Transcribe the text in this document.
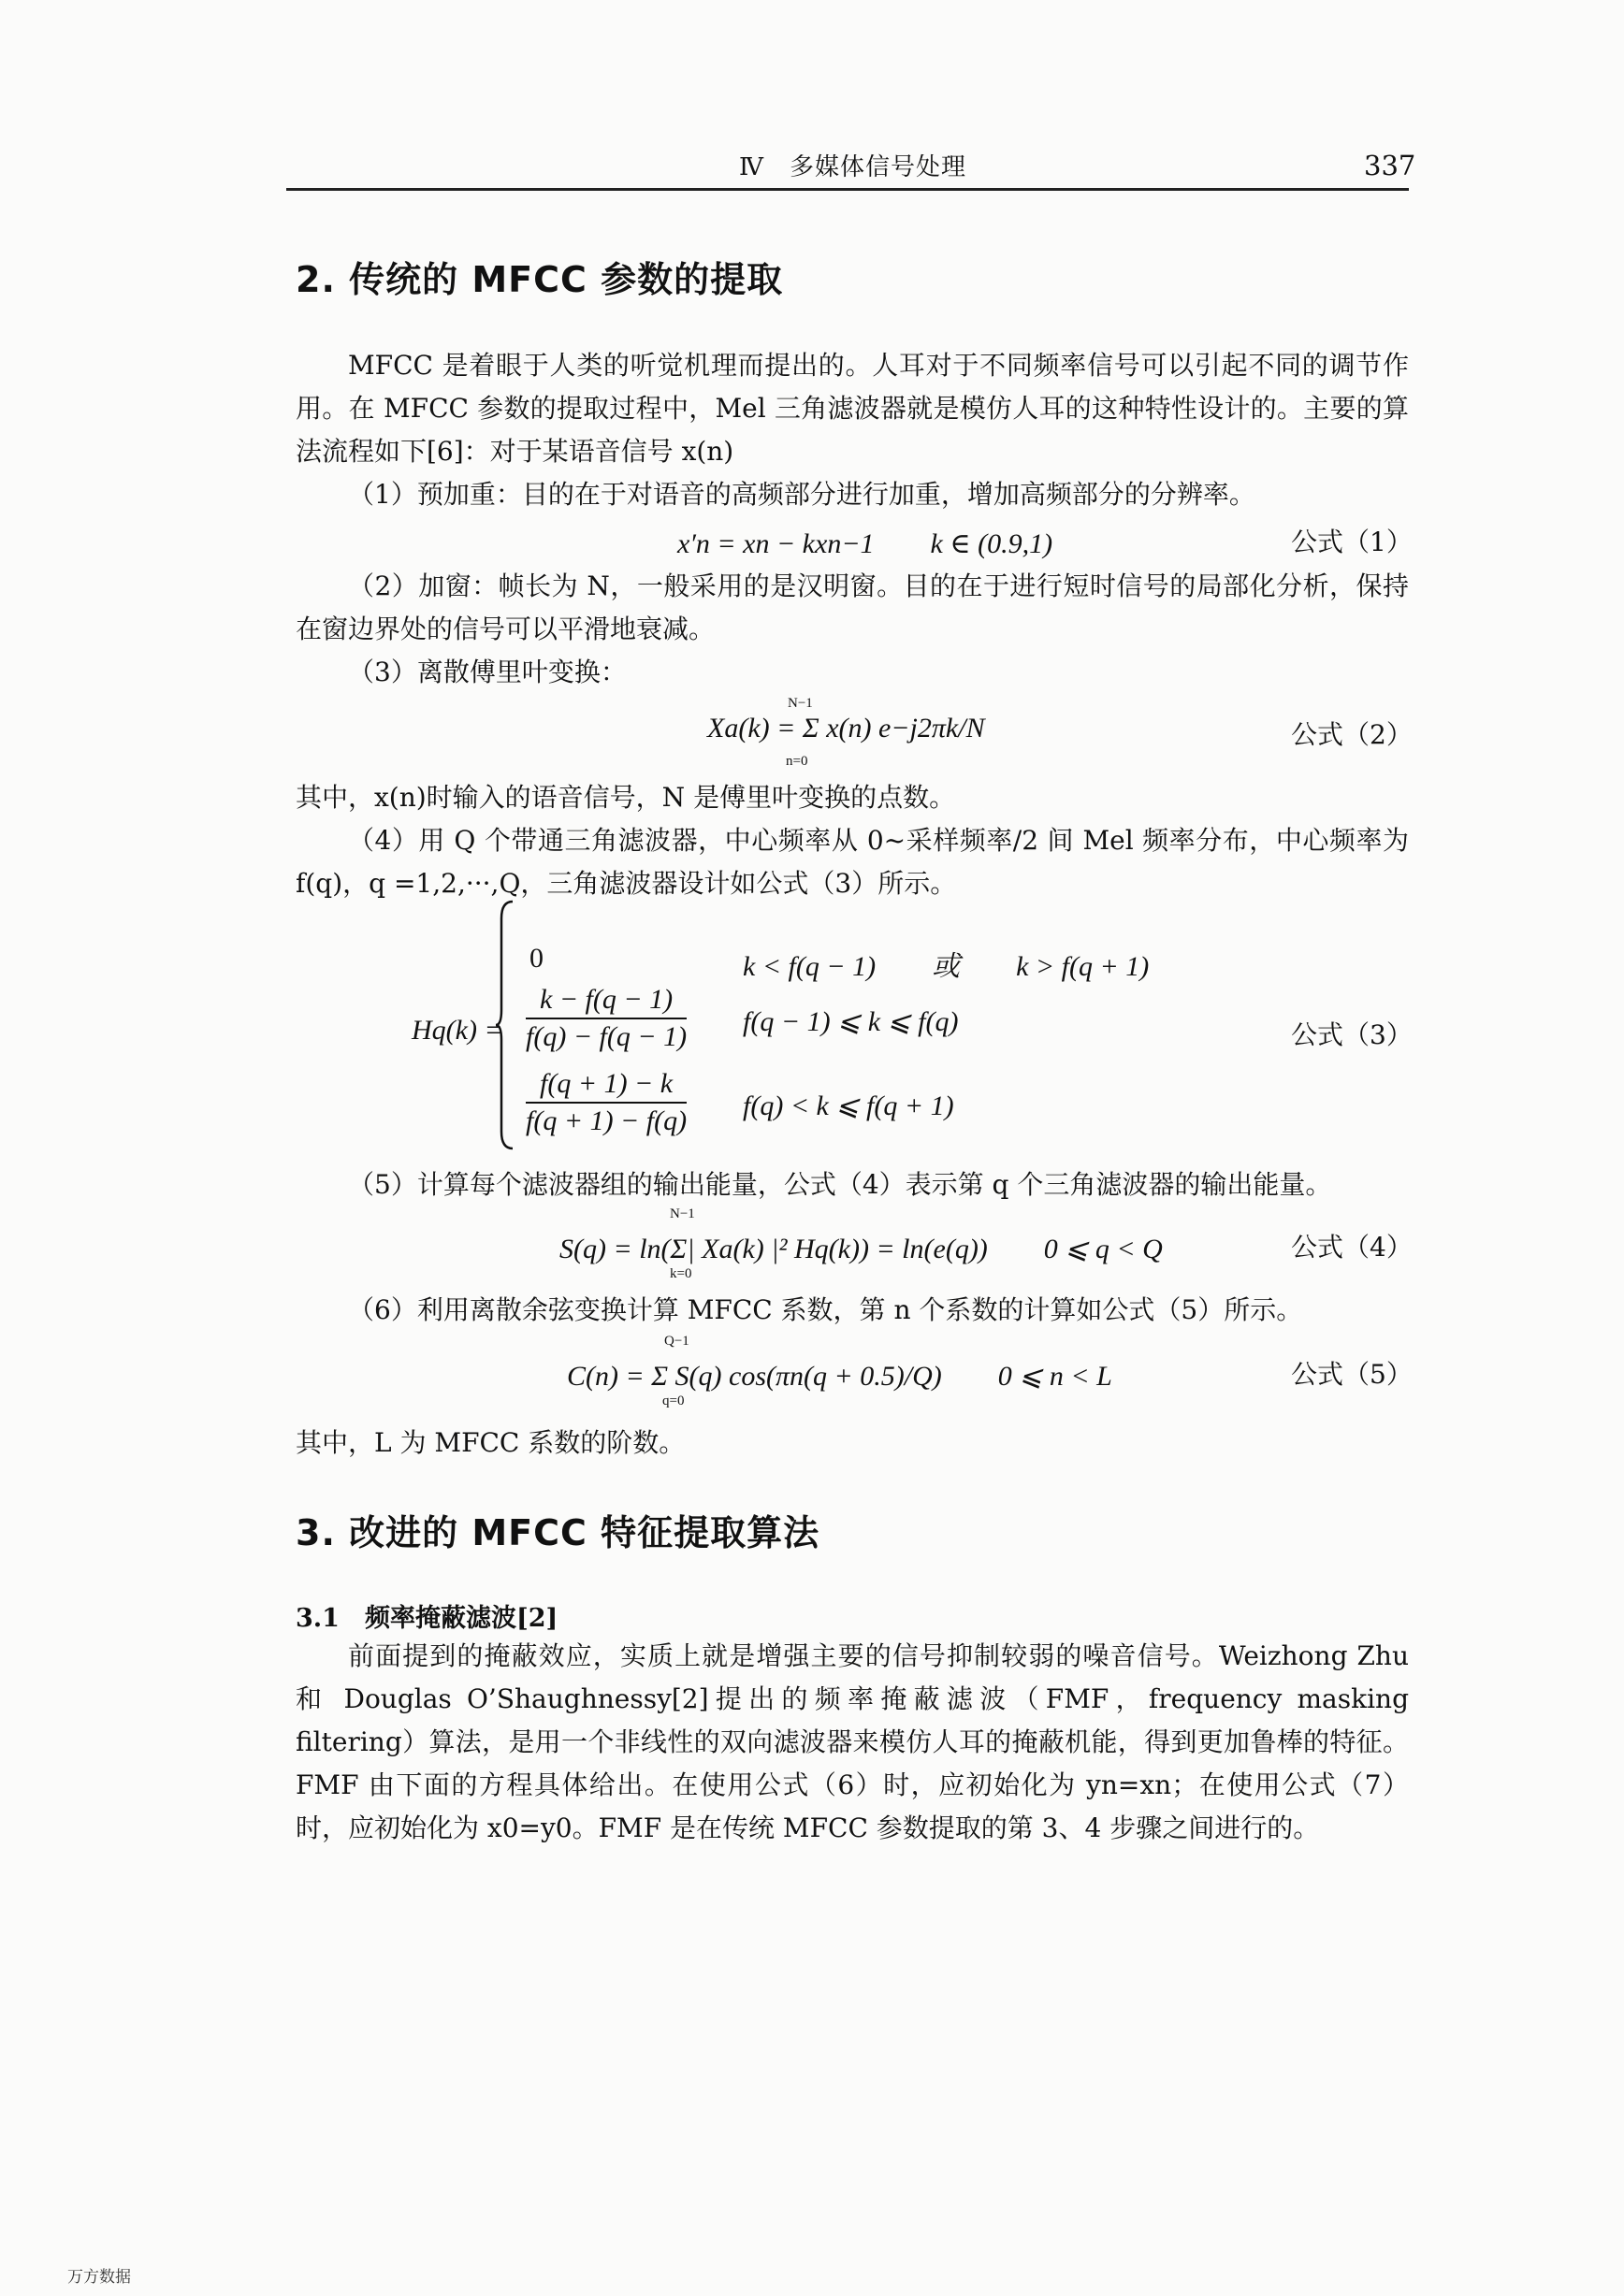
Ⅳ　多媒体信号处理	337
2. 传统的 MFCC 参数的提取

MFCC 是着眼于人类的听觉机理而提出的。人耳对于不同频率信号可以引起不同的调节作用。在 MFCC 参数的提取过程中，Mel 三角滤波器就是模仿人耳的这种特性设计的。主要的算法流程如下[6]：对于某语音信号 x(n)

（1）预加重：目的在于对语音的高频部分进行加重，增加高频部分的分辨率。

x′n = xn − kxn−1　　k ∈ (0.9,1)	公式（1）

（2）加窗：帧长为 N，一般采用的是汉明窗。目的在于进行短时信号的局部化分析，保持在窗边界处的信号可以平滑地衰减。

（3）离散傅里叶变换：

N−1
Xa(k) = Σ x(n) e−j2πk/N
n=0
公式（2）

其中，x(n)时输入的语音信号，N 是傅里叶变换的点数。

（4）用 Q 个带通三角滤波器，中心频率从 0~采样频率/2 间 Mel 频率分布，中心频率为 f(q)，q =1,2,···,Q，三角滤波器设计如公式（3）所示。

Hq(k) =
0	k < f(q − 1)　　或　　k > f(q + 1)
$\frac{k - f(q - 1)}{f(q) - f(q - 1)} f(q - 1)$ ⩽ k ⩽ f(q)
$\frac{f(q + 1) - k}{f(q + 1) - f(q)} f(q) < k$ ⩽ f(q + 1)
公式（3）

（5）计算每个滤波器组的输出能量，公式（4）表示第 q 个三角滤波器的输出能量。

N−1
S(q) = ln(Σ| Xa(k) |² Hq(k)) = ln(e(q))　　0 ⩽ q < Q
k=0
公式（4）

（6）利用离散余弦变换计算 MFCC 系数，第 n 个系数的计算如公式（5）所示。

Q−1
C(n) = Σ S(q) cos(πn(q + 0.5)/Q)　　0 ⩽ n < L
q=0
公式（5）

其中，L 为 MFCC 系数的阶数。

3. 改进的 MFCC 特征提取算法
3.1　频率掩蔽滤波[2]

前面提到的掩蔽效应，实质上就是增强主要的信号抑制较弱的噪音信号。Weizhong Zhu 和 Douglas O’Shaughnessy[2]提出的频率掩蔽滤波（FMF，frequency masking filtering）算法，是用一个非线性的双向滤波器来模仿人耳的掩蔽机能，得到更加鲁棒的特征。FMF 由下面的方程具体给出。在使用公式（6）时，应初始化为 yn=xn；在使用公式（7）时，应初始化为 x0=y0。FMF 是在传统 MFCC 参数提取的第 3、4 步骤之间进行的。

万方数据
